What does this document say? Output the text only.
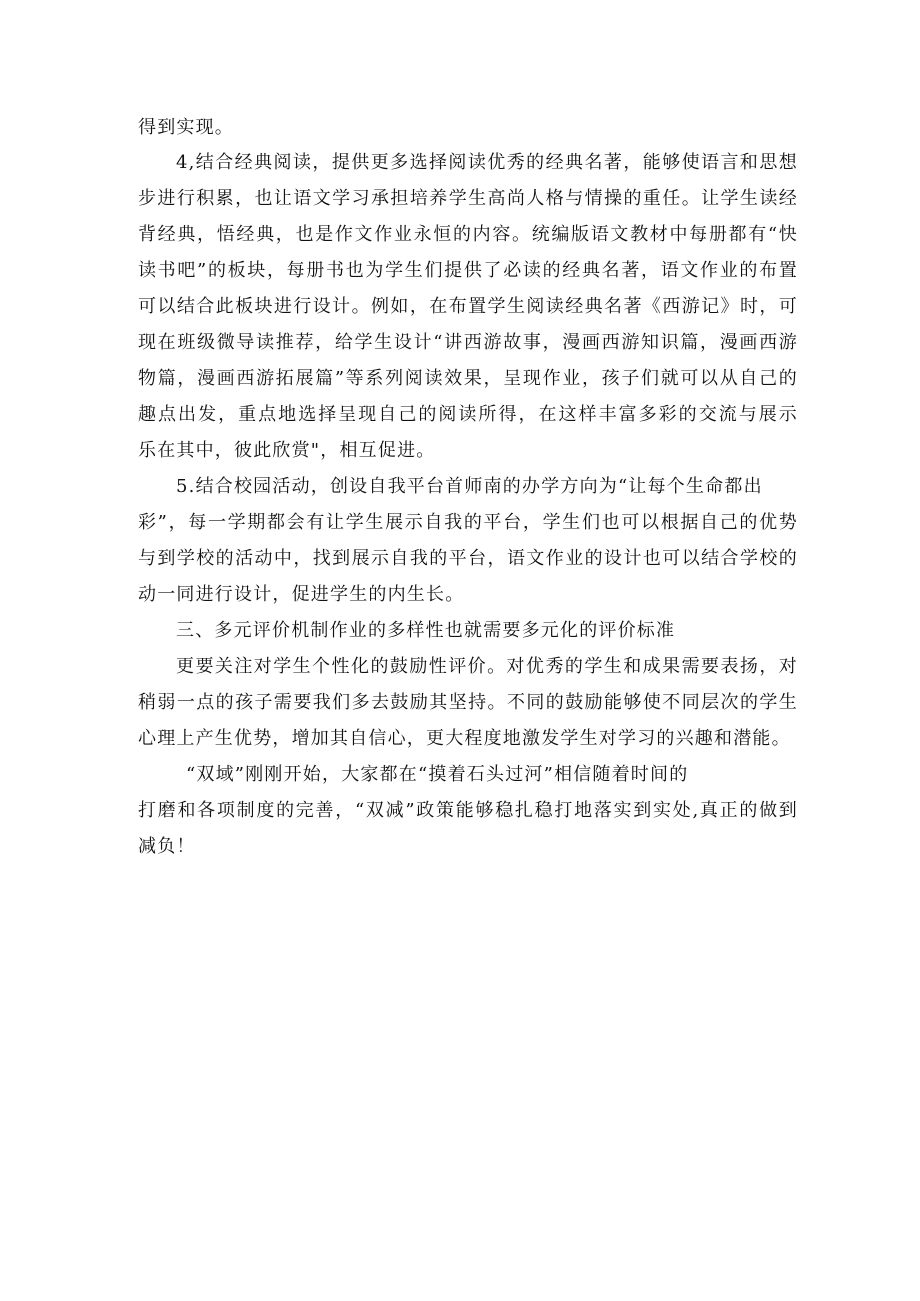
得到实现。
4,结合经典阅读，提供更多选择阅读优秀的经典名著，能够使语言和思想
步进行积累，也让语文学习承担培养学生高尚人格与情操的重任。让学生读经
背经典，悟经典，也是作文作业永恒的内容。统编版语文教材中每册都有“快
读书吧”的板块，每册书也为学生们提供了必读的经典名著，语文作业的布置
可以结合此板块进行设计。例如，在布置学生阅读经典名著《西游记》时，可
现在班级微导读推荐，给学生设计“讲西游故事，漫画西游知识篇，漫画西游
物篇，漫画西游拓展篇”等系列阅读效果，呈现作业，孩子们就可以从自己的
趣点出发，重点地选择呈现自己的阅读所得，在这样丰富多彩的交流与展示
乐在其中，彼此欣赏"，相互促进。
5.结合校园活动，创设自我平台首师南的办学方向为“让每个生命都出
彩”，每一学期都会有让学生展示自我的平台，学生们也可以根据自己的优势
与到学校的活动中，找到展示自我的平台，语文作业的设计也可以结合学校的
动一同进行设计，促进学生的内生长。
三、多元评价机制作业的多样性也就需要多元化的评价标准
更要关注对学生个性化的鼓励性评价。对优秀的学生和成果需要表扬，对
稍弱一点的孩子需要我们多去鼓励其坚持。不同的鼓励能够使不同层次的学生
心理上产生优势，增加其自信心，更大程度地激发学生对学习的兴趣和潜能。
“双域”刚刚开始，大家都在“摸着石头过河”相信随着时间的
打磨和各项制度的完善，“双减”政策能够稳扎稳打地落实到实处,真正的做到
减负！
